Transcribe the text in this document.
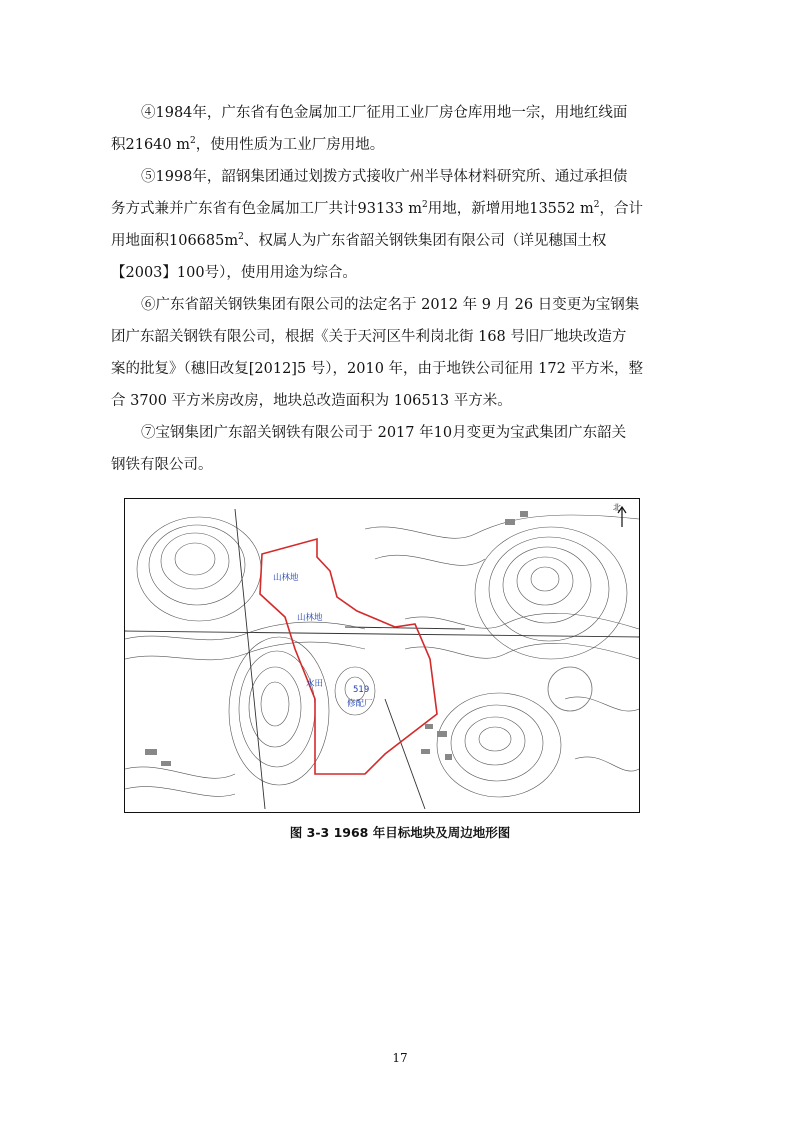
④1984年，广东省有色金属加工厂征用工业厂房仓库用地一宗，用地红线面

积21640 $m^2$，使用性质为工业厂房用地。

⑤1998年，韶钢集团通过划拨方式接收广州半导体材料研究所、通过承担债

务方式兼并广东省有色金属加工厂共计93133 $m^2$用地，新增用地13552 $m^2$，合计

用地面积$106685m^2$、权属人为广东省韶关钢铁集团有限公司（详见穗国土权

【2003】100号），使用用途为综合。

⑥广东省韶关钢铁集团有限公司的法定名于 2012 年 9 月 26 日变更为宝钢集

团广东韶关钢铁有限公司，根据《关于天河区牛利岗北街 168 号旧厂地块改造方

案的批复》（穗旧改复[2012]5 号），2010 年，由于地铁公司征用 172 平方米，整

合 3700 平方米房改房，地块总改造面积为 106513 平方米。

⑦宝钢集团广东韶关钢铁有限公司于 2017 年10月变更为宝武集团广东韶关

钢铁有限公司。

山林地
山林地
水田
519
修配厂
北
图 3-3 1968 年目标地块及周边地形图
17
